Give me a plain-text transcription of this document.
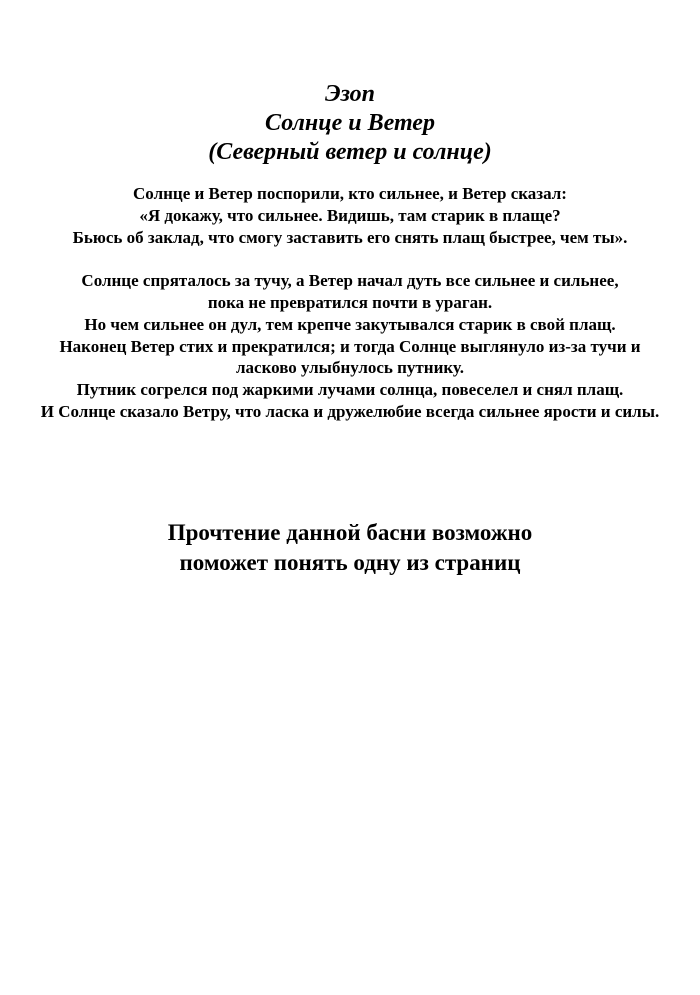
Эзоп
Солнце и Ветер
(Северный ветер и солнце)
Солнце и Ветер поспорили, кто сильнее, и Ветер сказал:
«Я докажу, что сильнее. Видишь, там старик в плаще?
Бьюсь об заклад, что смогу заставить его снять плащ быстрее, чем ты».
Солнце спряталось за тучу, а Ветер начал дуть все сильнее и сильнее,
пока не превратился почти в ураган.
Но чем сильнее он дул, тем крепче закутывался старик в свой плащ.
Наконец Ветер стих и прекратился; и тогда Солнце выглянуло из-за тучи и
ласково улыбнулось путнику.
Путник согрелся под жаркими лучами солнца, повеселел и снял плащ.
И Солнце сказало Ветру, что ласка и дружелюбие всегда сильнее ярости и силы.
Прочтение данной басни возможно
поможет понять одну из страниц
